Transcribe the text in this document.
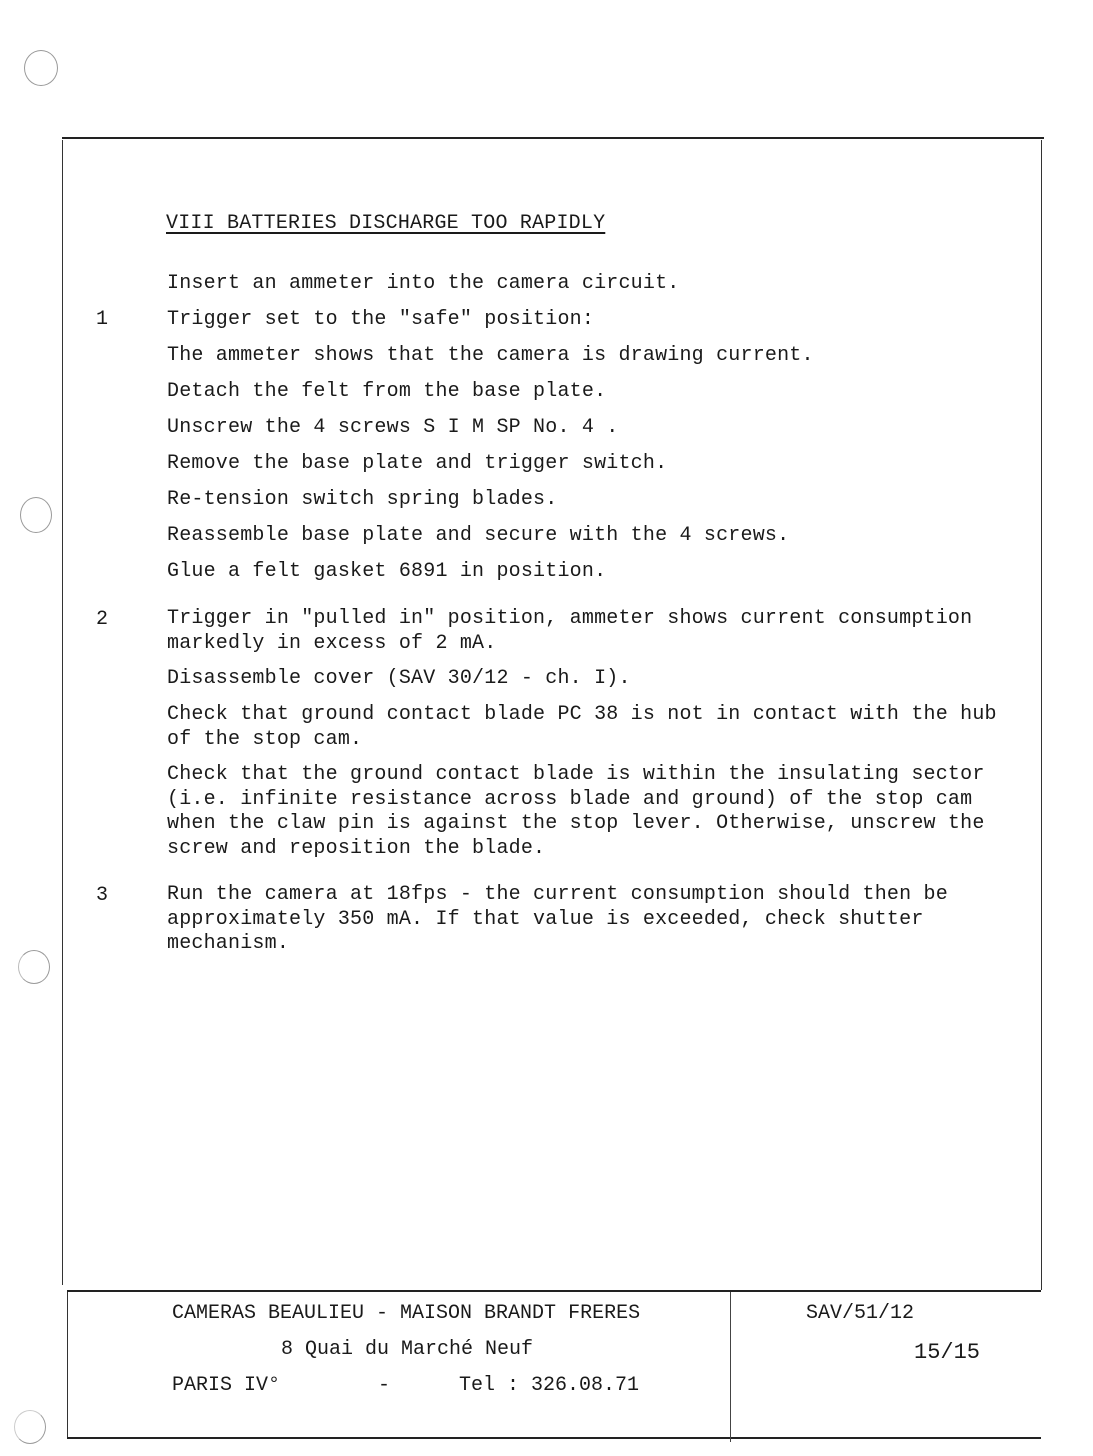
VIII BATTERIES DISCHARGE TOO RAPIDLY
Insert an ammeter into the camera circuit.
1	Trigger set to the "safe" position:
The ammeter shows that the camera is drawing current.
Detach the felt from the base plate.
Unscrew the 4 screws S I M SP No. 4 .
Remove the base plate and trigger switch.
Re-tension switch spring blades.
Reassemble base plate and secure with the 4 screws.
Glue a felt gasket 6891 in position.
2	Trigger in "pulled in" position, ammeter shows current consumption
markedly in excess of 2 mA.
Disassemble cover (SAV 30/12 - ch. I).
Check that ground contact blade PC 38 is not in contact with the hub
of the stop cam.
Check that the ground contact blade is within the insulating sector
(i.e. infinite resistance across blade and ground) of the stop cam
when the claw pin is against the stop lever. Otherwise, unscrew the
screw and reposition the blade.
3	Run the camera at 18fps - the current consumption should then be
approximately 350 mA. If that value is exceeded, check shutter
mechanism.
CAMERAS BEAULIEU - MAISON BRANDT FRERES
8 Quai du Marché Neuf
PARIS IV°	-	Tel : 326.08.71
SAV/51/12
15/15
